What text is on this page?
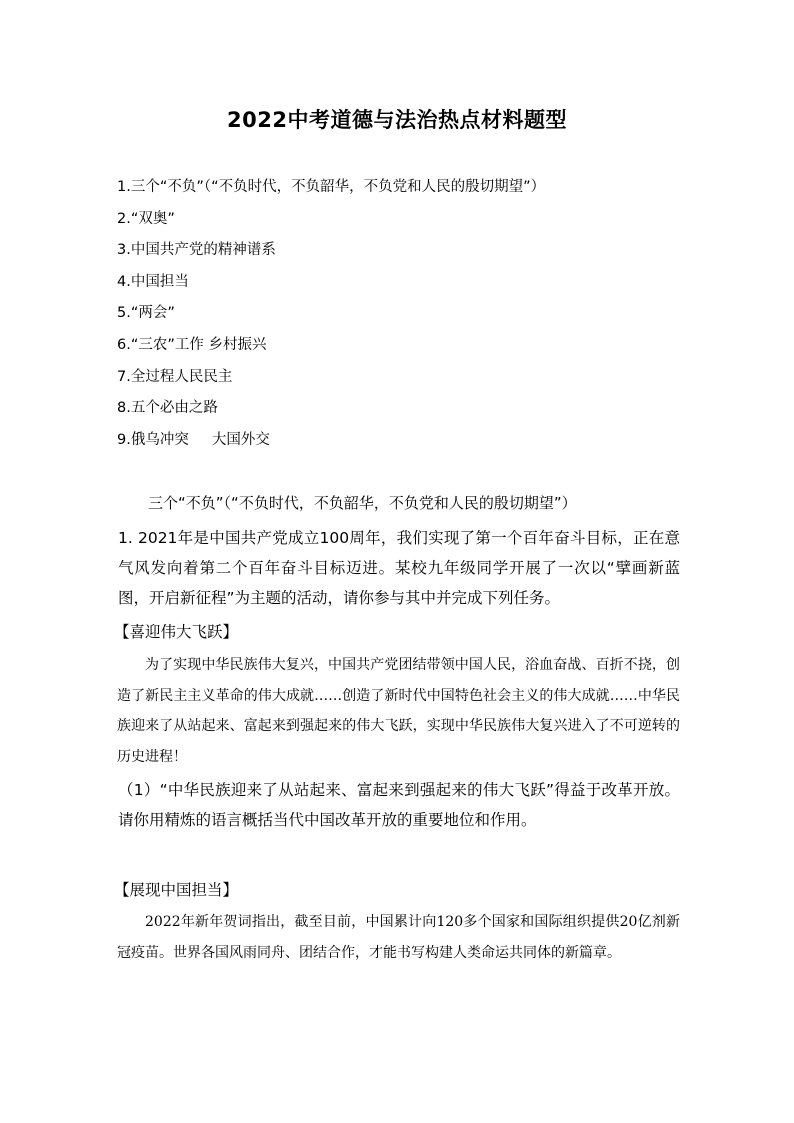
2022中考道德与法治热点材料题型
1.三个“不负”（“不负时代，不负韶华，不负党和人民的殷切期望”）
2.“双奥”
3.中国共产党的精神谱系
4.中国担当
5.“两会”
6.“三农”工作 乡村振兴
7.全过程人民民主
8.五个必由之路
9.俄乌冲突     大国外交
三个“不负”（“不负时代，不负韶华，不负党和人民的殷切期望”）
1. 2021年是中国共产党成立100周年，我们实现了第一个百年奋斗目标，正在意气风发向着第二个百年奋斗目标迈进。某校九年级同学开展了一次以“擘画新蓝图，开启新征程”为主题的活动，请你参与其中并完成下列任务。
【喜迎伟大飞跃】
为了实现中华民族伟大复兴，中国共产党团结带领中国人民，浴血奋战、百折不挠，创造了新民主主义革命的伟大成就……创造了新时代中国特色社会主义的伟大成就……中华民族迎来了从站起来、富起来到强起来的伟大飞跃，实现中华民族伟大复兴进入了不可逆转的历史进程！
（1）“中华民族迎来了从站起来、富起来到强起来的伟大飞跃”得益于改革开放。请你用精炼的语言概括当代中国改革开放的重要地位和作用。
【展现中国担当】
2022年新年贺词指出，截至目前，中国累计向120多个国家和国际组织提供20亿剂新冠疫苗。世界各国风雨同舟、团结合作，才能书写构建人类命运共同体的新篇章。
